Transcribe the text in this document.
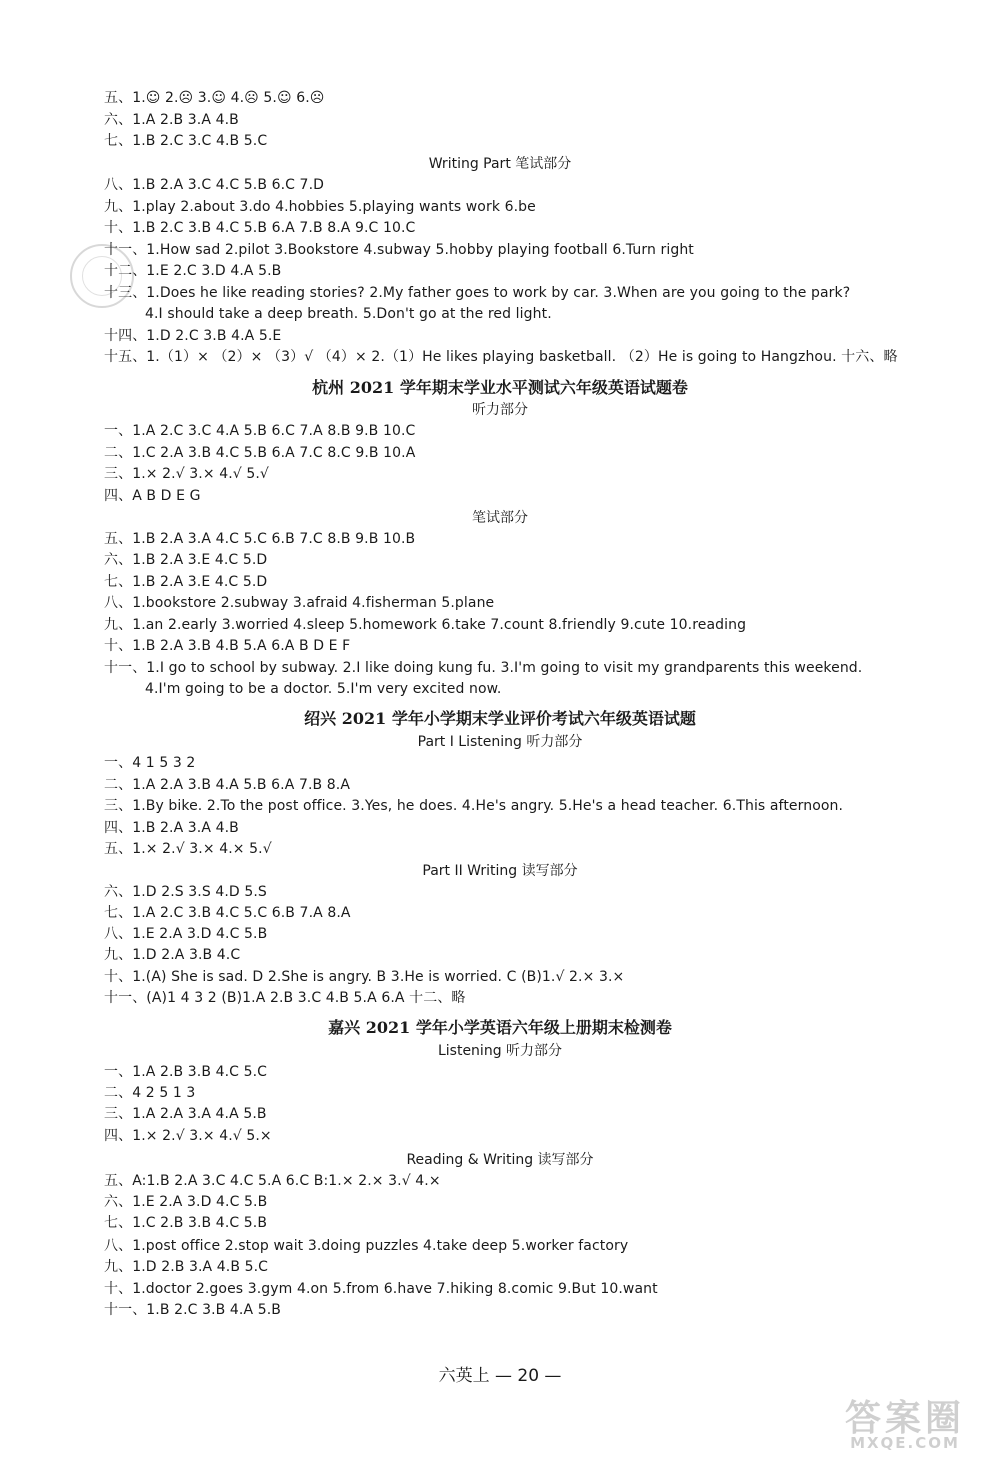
五、1.☺ 2.☹ 3.☺ 4.☹ 5.☺ 6.☹
六、1.A 2.B 3.A 4.B
七、1.B 2.C 3.C 4.B 5.C
Writing Part 笔试部分
八、1.B 2.A 3.C 4.C 5.B 6.C 7.D
九、1.play 2.about 3.do 4.hobbies 5.playing wants work 6.be
十、1.B 2.C 3.B 4.C 5.B 6.A 7.B 8.A 9.C 10.C
十一、1.How sad 2.pilot 3.Bookstore 4.subway 5.hobby playing football 6.Turn right
十二、1.E 2.C 3.D 4.A 5.B
十三、1.Does he like reading stories? 2.My father goes to work by car. 3.When are you going to the park?
4.I should take a deep breath. 5.Don't go at the red light.
十四、1.D 2.C 3.B 4.A 5.E
十五、1.（1）× （2）× （3）√ （4）× 2.（1）He likes playing basketball. （2）He is going to Hangzhou. 十六、略
杭州 2021 学年期末学业水平测试六年级英语试题卷
听力部分
一、1.A 2.C 3.C 4.A 5.B 6.C 7.A 8.B 9.B 10.C
二、1.C 2.A 3.B 4.C 5.B 6.A 7.C 8.C 9.B 10.A
三、1.× 2.√ 3.× 4.√ 5.√
四、A B D E G
笔试部分
五、1.B 2.A 3.A 4.C 5.C 6.B 7.C 8.B 9.B 10.B
六、1.B 2.A 3.E 4.C 5.D
七、1.B 2.A 3.E 4.C 5.D
八、1.bookstore 2.subway 3.afraid 4.fisherman 5.plane
九、1.an 2.early 3.worried 4.sleep 5.homework 6.take 7.count 8.friendly 9.cute 10.reading
十、1.B 2.A 3.B 4.B 5.A 6.A B D E F
十一、1.I go to school by subway. 2.I like doing kung fu. 3.I'm going to visit my grandparents this weekend.
4.I'm going to be a doctor. 5.I'm very excited now.
绍兴 2021 学年小学期末学业评价考试六年级英语试题
Part I Listening 听力部分
一、4 1 5 3 2
二、1.A 2.A 3.B 4.A 5.B 6.A 7.B 8.A
三、1.By bike. 2.To the post office. 3.Yes, he does. 4.He's angry. 5.He's a head teacher. 6.This afternoon.
四、1.B 2.A 3.A 4.B
五、1.× 2.√ 3.× 4.× 5.√
Part II Writing 读写部分
六、1.D 2.S 3.S 4.D 5.S
七、1.A 2.C 3.B 4.C 5.C 6.B 7.A 8.A
八、1.E 2.A 3.D 4.C 5.B
九、1.D 2.A 3.B 4.C
十、1.(A) She is sad. D 2.She is angry. B 3.He is worried. C (B)1.√ 2.× 3.×
十一、(A)1 4 3 2 (B)1.A 2.B 3.C 4.B 5.A 6.A 十二、略
嘉兴 2021 学年小学英语六年级上册期末检测卷
Listening 听力部分
一、1.A 2.B 3.B 4.C 5.C
二、4 2 5 1 3
三、1.A 2.A 3.A 4.A 5.B
四、1.× 2.√ 3.× 4.√ 5.×
Reading & Writing 读写部分
五、A:1.B 2.A 3.C 4.C 5.A 6.C B:1.× 2.× 3.√ 4.×
六、1.E 2.A 3.D 4.C 5.B
七、1.C 2.B 3.B 4.C 5.B
八、1.post office 2.stop wait 3.doing puzzles 4.take deep 5.worker factory
九、1.D 2.B 3.A 4.B 5.C
十、1.doctor 2.goes 3.gym 4.on 5.from 6.have 7.hiking 8.comic 9.But 10.want
十一、1.B 2.C 3.B 4.A 5.B
六英上 — 20 —
答案圈
MXQE.COM
